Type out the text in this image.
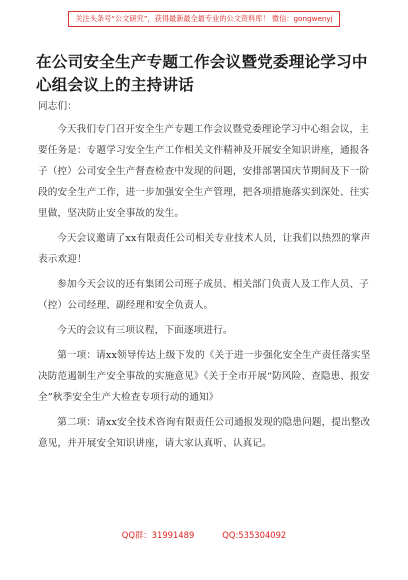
关注头条号“公文研究”，获得最新最全最专业的公文资料库！ 微信：gongwenyj
在公司安全生产专题工作会议暨党委理论学习中心组会议上的主持讲话

同志们：

今天我们专门召开安全生产专题工作会议暨党委理论学习中心组会议，主要任务是：专题学习安全生产工作相关文件精神及开展安全知识讲座，通报各子（控）公司安全生产督查检查中发现的问题，安排部署国庆节期间及下一阶段的安全生产工作，进一步加强安全生产管理，把各项措施落实到深处、往实里做，坚决防止安全事故的发生。

今天会议邀请了xx有限责任公司相关专业技术人员，让我们以热烈的掌声表示欢迎！

参加今天会议的还有集团公司班子成员、相关部门负责人及工作人员、子（控）公司经理、副经理和安全负责人。

今天的会议有三项议程，下面逐项进行。

第一项：请xx领导传达上级下发的《关于进一步强化安全生产责任落实坚决防范遏制生产安全事故的实施意见》《关于全市开展“防风险、查隐患、报安全”秋季安全生产大检查专项行动的通知》

第二项：请xx安全技术咨询有限责任公司通报发现的隐患问题，提出整改意见，并开展安全知识讲座，请大家认真听、认真记。

QQ群：31991489	QQ:535304092
